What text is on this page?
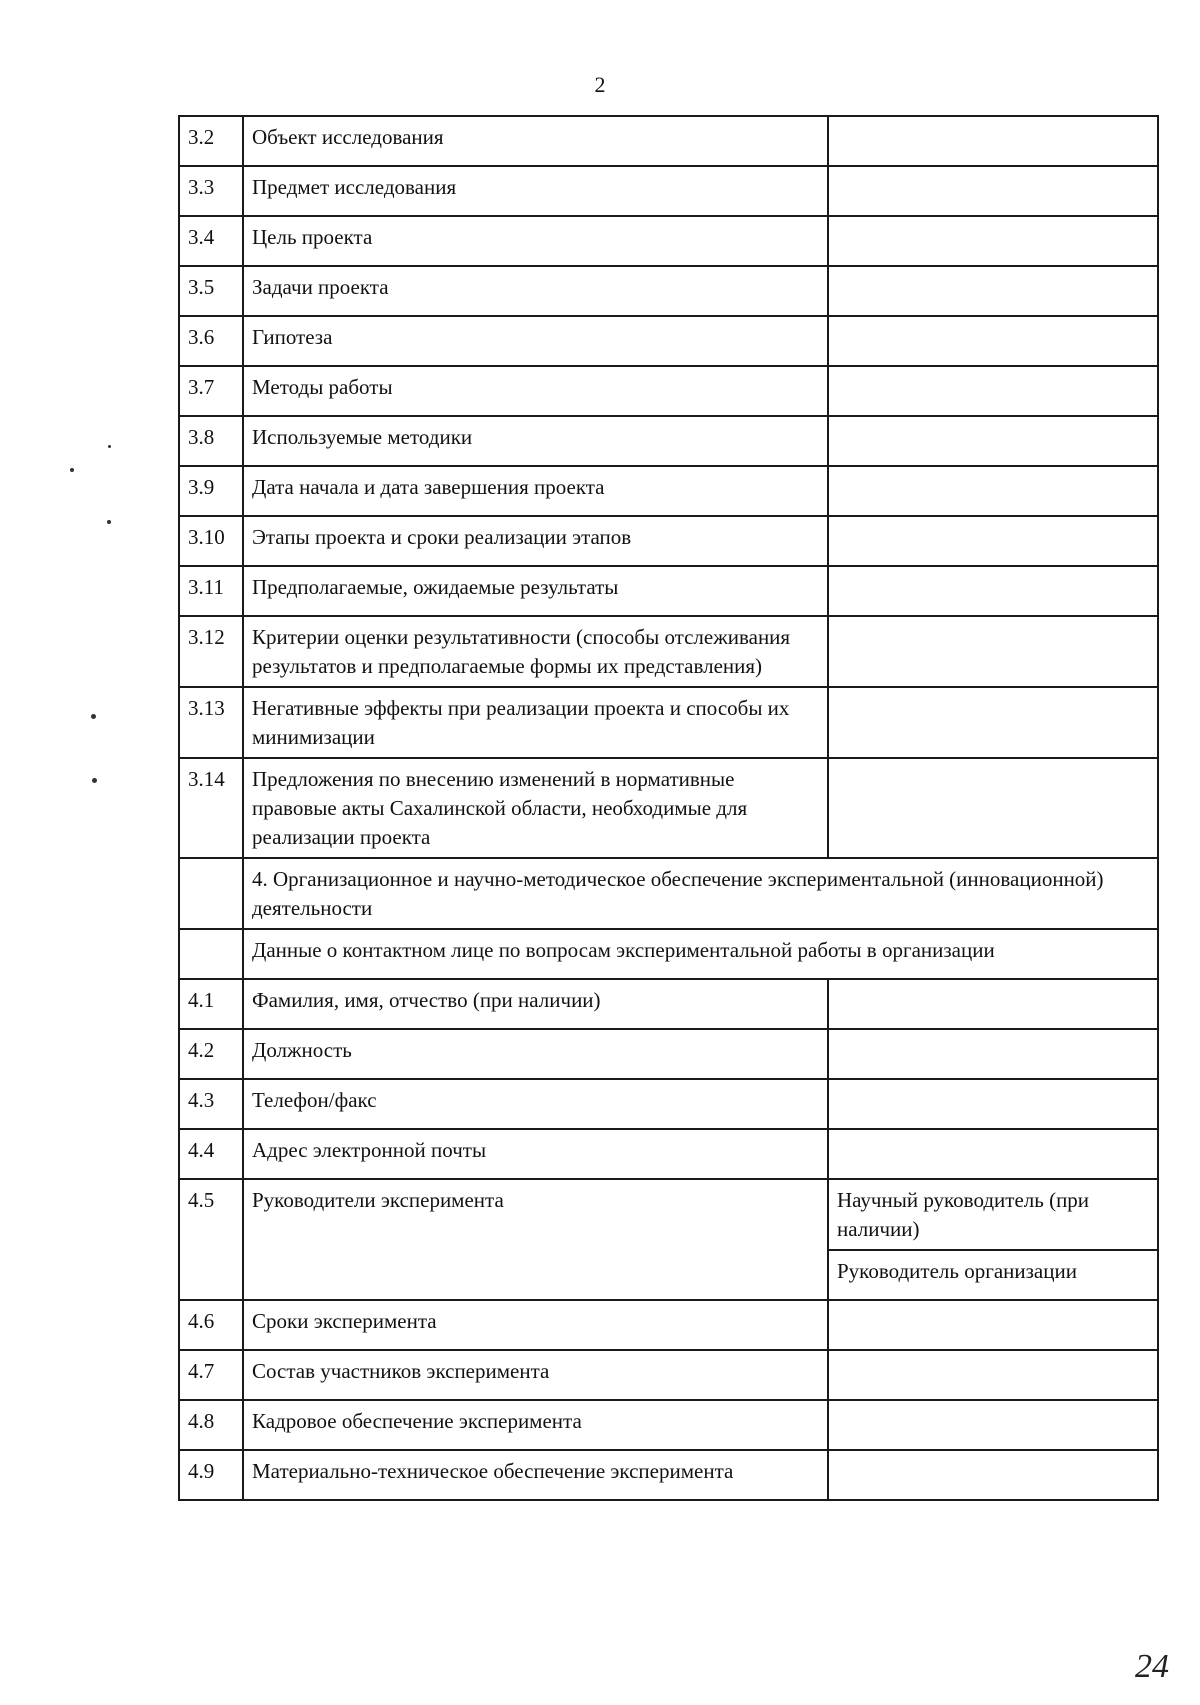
2
3.2	Объект исследования	
3.3	Предмет исследования	
3.4	Цель проекта	
3.5	Задачи проекта	
3.6	Гипотеза	
3.7	Методы работы	
3.8	Используемые методики	
3.9	Дата начала и дата завершения проекта	
3.10	Этапы проекта и сроки реализации этапов	
3.11	Предполагаемые, ожидаемые результаты	
3.12	Критерии оценки результативности (способы отслеживания результатов и предполагаемые формы их представления)	
3.13	Негативные эффекты при реализации проекта и способы их минимизации	
3.14	Предложения по внесению изменений в нормативные правовые акты Сахалинской области, необходимые для реализации проекта	
	4. Организационное и научно-методическое обеспечение экспериментальной (инновационной) деятельности	
	Данные о контактном лице по вопросам экспериментальной работы в организации	
4.1	Фамилия, имя, отчество (при наличии)	
4.2	Должность	
4.3	Телефон/факс	
4.4	Адрес электронной почты	
4.5	Руководители эксперимента	Научный руководитель (при наличии)
		Руководитель организации
4.6	Сроки эксперимента	
4.7	Состав участников эксперимента	
4.8	Кадровое обеспечение эксперимента	
4.9	Материально-техническое обеспечение эксперимента	
24
